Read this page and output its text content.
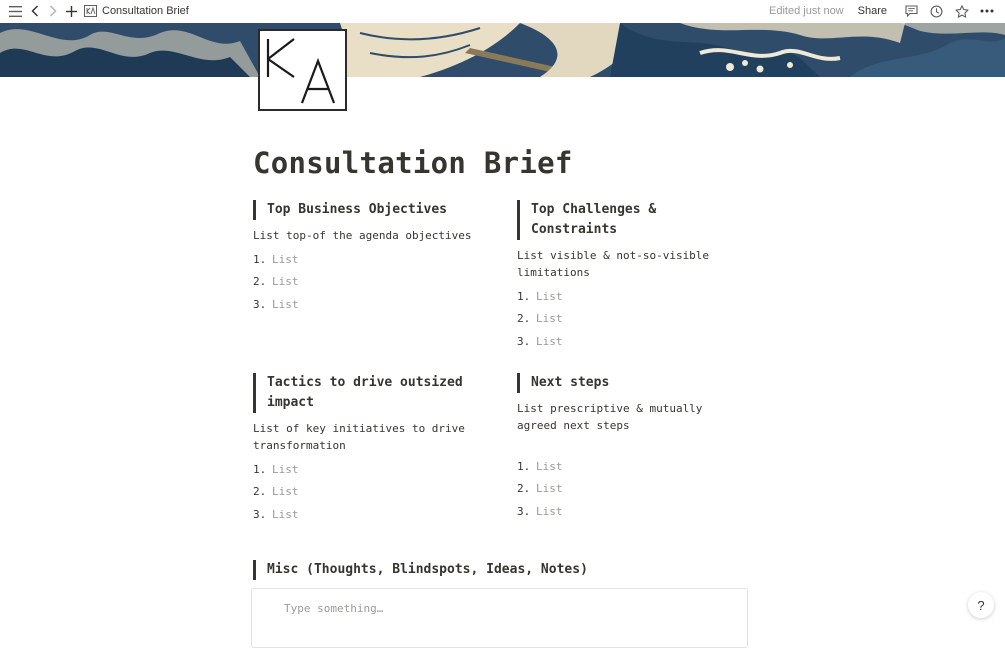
Consultation Brief	Edited just now Share
Consultation Brief
Top Business Objectives
List top-of the agenda objectives
1. List
2. List
3. List
Top Challenges & Constraints
List visible & not-so-visible limitations
1. List
2. List
3. List
Tactics to drive outsized impact
List of key initiatives to drive transformation
1. List
2. List
3. List
Next steps
List prescriptive & mutually agreed next steps
1. List
2. List
3. List
Misc (Thoughts, Blindspots, Ideas, Notes)
Type something…	?
